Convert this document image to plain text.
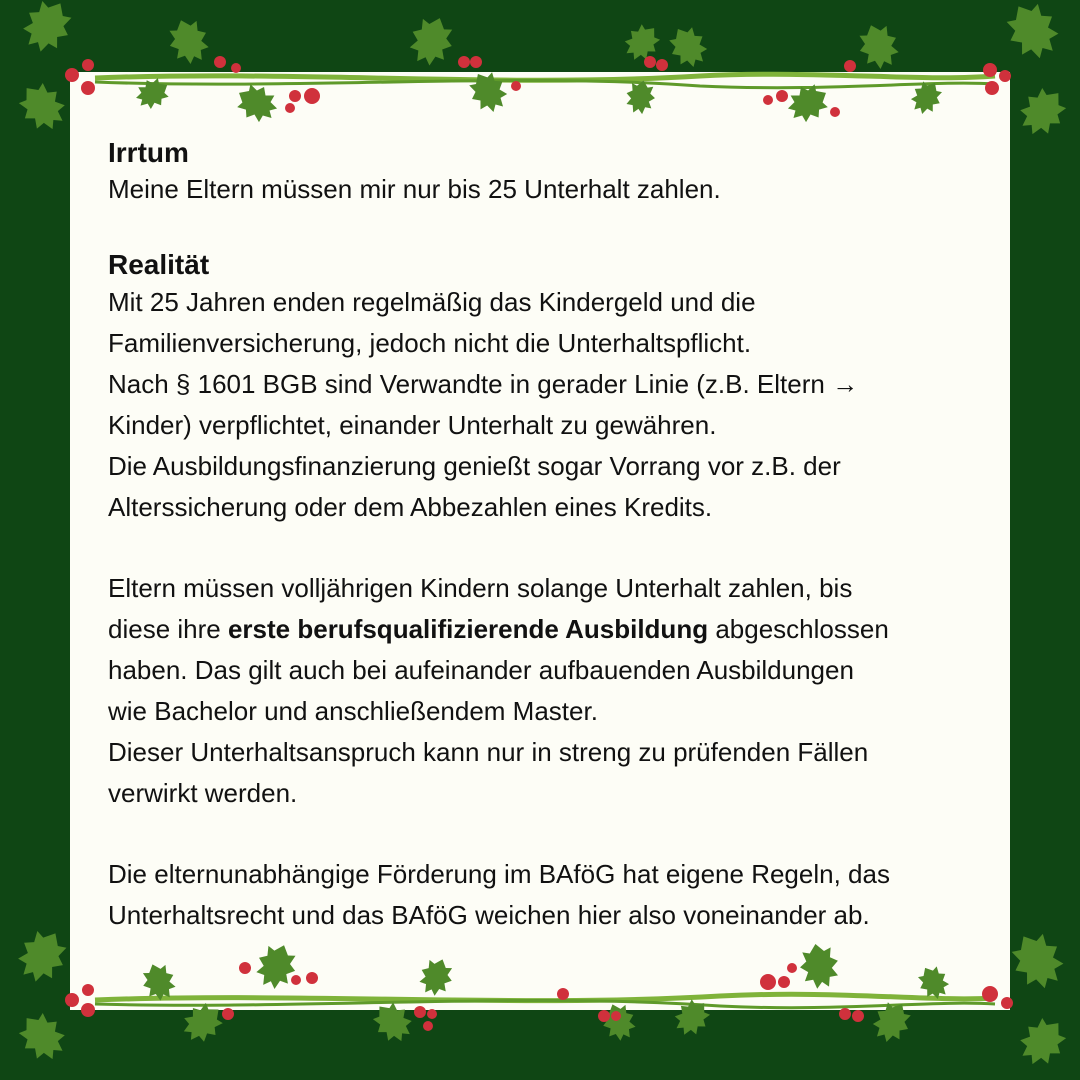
Irrtum

Meine Eltern müssen mir nur bis 25 Unterhalt zahlen.

Realität

Mit 25 Jahren enden regelmäßig das Kindergeld und die

Familienversicherung, jedoch nicht die Unterhaltspflicht.

Nach § 1601 BGB sind Verwandte in gerader Linie (z.B. Eltern →

Kinder) verpflichtet, einander Unterhalt zu gewähren.

Die Ausbildungsfinanzierung genießt sogar Vorrang vor z.B. der

Alterssicherung oder dem Abbezahlen eines Kredits.

Eltern müssen volljährigen Kindern solange Unterhalt zahlen, bis

diese ihre erste berufsqualifizierende Ausbildung abgeschlossen

haben. Das gilt auch bei aufeinander aufbauenden Ausbildungen

wie Bachelor und anschließendem Master.

Dieser Unterhaltsanspruch kann nur in streng zu prüfenden Fällen

verwirkt werden.

Die elternunabhängige Förderung im BAföG hat eigene Regeln, das

Unterhaltsrecht und das BAföG weichen hier also voneinander ab.
